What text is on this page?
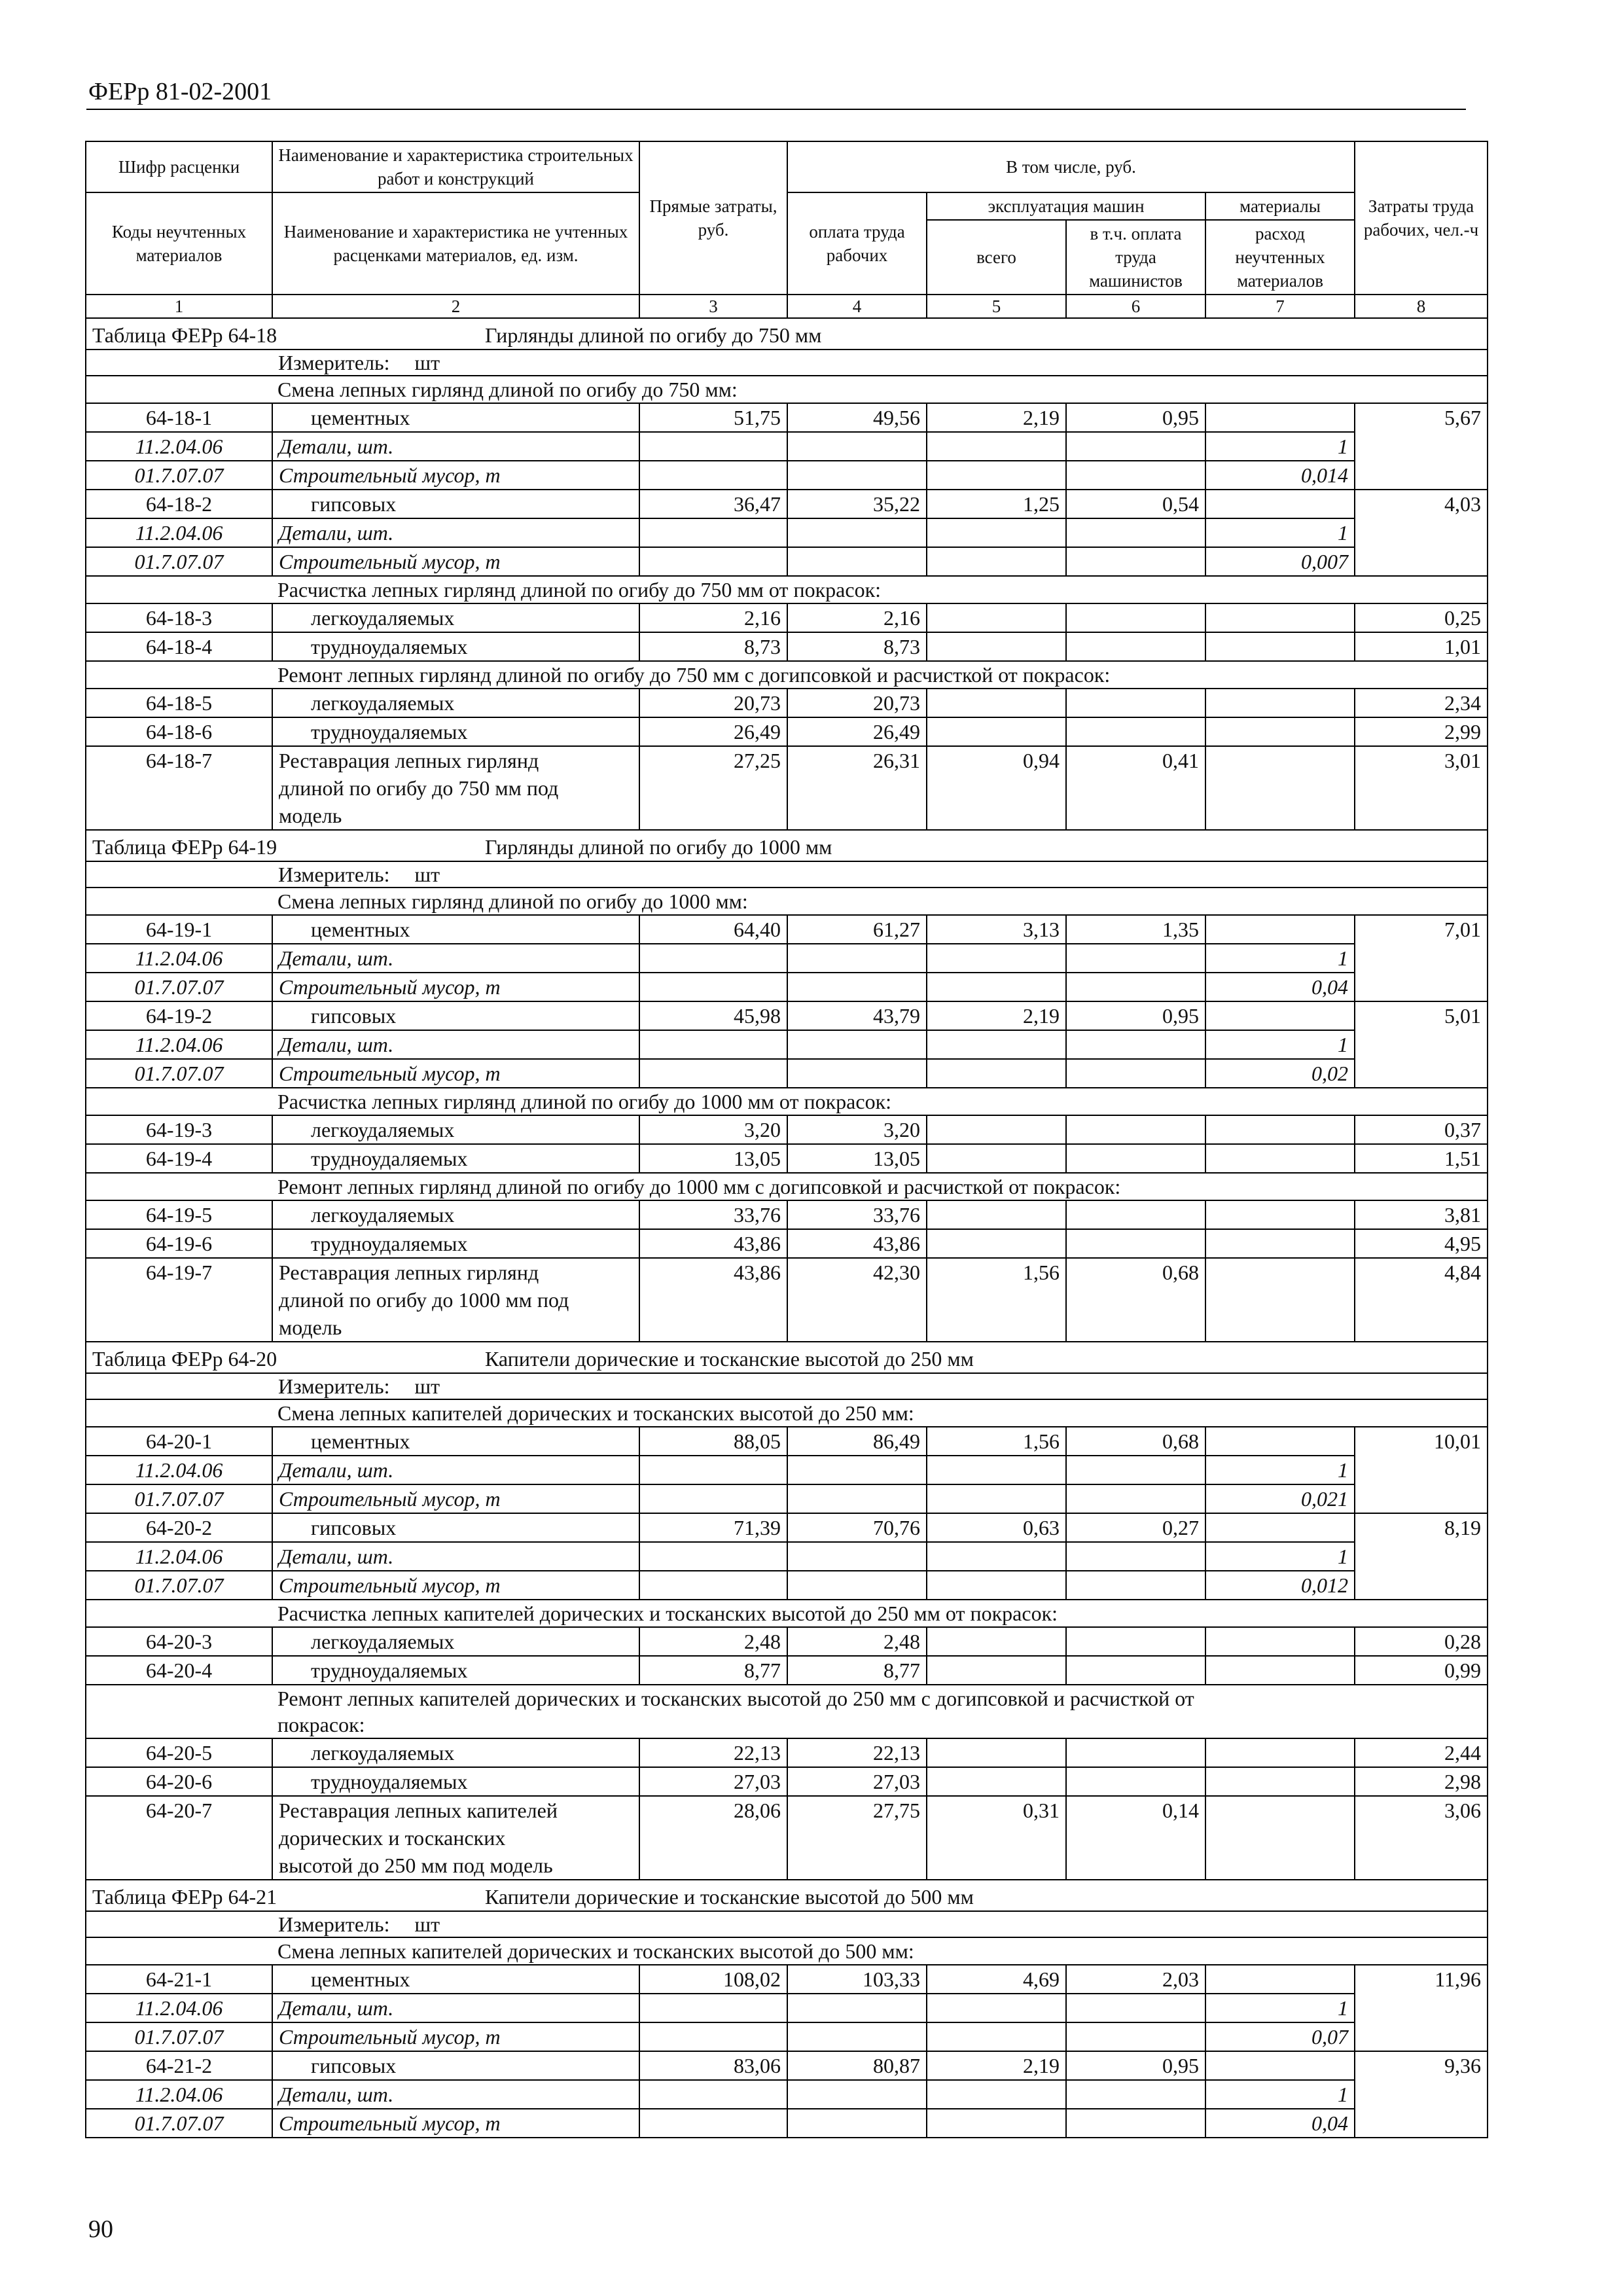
ФЕРр 81-02-2001
Шифр расценки	Наименование и характеристика строительных работ и конструкций	Прямые затраты, руб.	В том числе, руб.				Затраты труда рабочих, чел.-ч
Коды неучтенных материалов	Наименование и характеристика не учтенных расценками материалов, ед. изм.		оплата труда рабочих	эксплуатация машин		материалы	
				всего	в т.ч. оплата труда машинистов	расход неучтенных материалов	
1	2	3	4	5	6	7	8
Таблица ФЕРр 64-18 Гирлянды длиной по огибу до 750 мм							
Измеритель: шт							

Смена лепных гирлянд длиной по огибу до 750 мм:							

64-18-1	цементных	51,75	49,56	2,19	0,95		5,67
11.2.04.06	Детали, шт.					1	
01.7.07.07	Строительный мусор, т					0,014	
64-18-2	гипсовых	36,47	35,22	1,25	0,54		4,03
11.2.04.06	Детали, шт.					1	
01.7.07.07	Строительный мусор, т					0,007	

Расчистка лепных гирлянд длиной по огибу до 750 мм от покрасок:							

64-18-3	легкоудаляемых	2,16	2,16				0,25
64-18-4	трудноудаляемых	8,73	8,73				1,01

Ремонт лепных гирлянд длиной по огибу до 750 мм с догипсовкой и расчисткой от покрасок:							

64-18-5	легкоудаляемых	20,73	20,73				2,34
64-18-6	трудноудаляемых	26,49	26,49				2,99
64-18-7	Реставрация лепных гирлянд
длиной по огибу до 750 мм под
модель	27,25	26,31	0,94	0,41		3,01
Таблица ФЕРр 64-19 Гирлянды длиной по огибу до 1000 мм							
Измеритель: шт							

Смена лепных гирлянд длиной по огибу до 1000 мм:							

64-19-1	цементных	64,40	61,27	3,13	1,35		7,01
11.2.04.06	Детали, шт.					1	
01.7.07.07	Строительный мусор, т					0,04	
64-19-2	гипсовых	45,98	43,79	2,19	0,95		5,01
11.2.04.06	Детали, шт.					1	
01.7.07.07	Строительный мусор, т					0,02	

Расчистка лепных гирлянд длиной по огибу до 1000 мм от покрасок:							

64-19-3	легкоудаляемых	3,20	3,20				0,37
64-19-4	трудноудаляемых	13,05	13,05				1,51

Ремонт лепных гирлянд длиной по огибу до 1000 мм с догипсовкой и расчисткой от покрасок:							

64-19-5	легкоудаляемых	33,76	33,76				3,81
64-19-6	трудноудаляемых	43,86	43,86				4,95
64-19-7	Реставрация лепных гирлянд
длиной по огибу до 1000 мм под
модель	43,86	42,30	1,56	0,68		4,84
Таблица ФЕРр 64-20 Капители дорические и тосканские высотой до 250 мм							
Измеритель: шт							

Смена лепных капителей дорических и тосканских высотой до 250 мм:							

64-20-1	цементных	88,05	86,49	1,56	0,68		10,01
11.2.04.06	Детали, шт.					1	
01.7.07.07	Строительный мусор, т					0,021	
64-20-2	гипсовых	71,39	70,76	0,63	0,27		8,19
11.2.04.06	Детали, шт.					1	
01.7.07.07	Строительный мусор, т					0,012	

Расчистка лепных капителей дорических и тосканских высотой до 250 мм от покрасок:							

64-20-3	легкоудаляемых	2,48	2,48				0,28
64-20-4	трудноудаляемых	8,77	8,77				0,99

Ремонт лепных капителей дорических и тосканских высотой до 250 мм с догипсовкой и расчисткой от
покрасок:							

64-20-5	легкоудаляемых	22,13	22,13				2,44
64-20-6	трудноудаляемых	27,03	27,03				2,98
64-20-7	Реставрация лепных капителей
дорических и тосканских
высотой до 250 мм под модель	28,06	27,75	0,31	0,14		3,06
Таблица ФЕРр 64-21 Капители дорические и тосканские высотой до 500 мм							
Измеритель: шт							

Смена лепных капителей дорических и тосканских высотой до 500 мм:							

64-21-1	цементных	108,02	103,33	4,69	2,03		11,96
11.2.04.06	Детали, шт.					1	
01.7.07.07	Строительный мусор, т					0,07	
64-21-2	гипсовых	83,06	80,87	2,19	0,95		9,36
11.2.04.06	Детали, шт.					1	
01.7.07.07	Строительный мусор, т					0,04	
90
